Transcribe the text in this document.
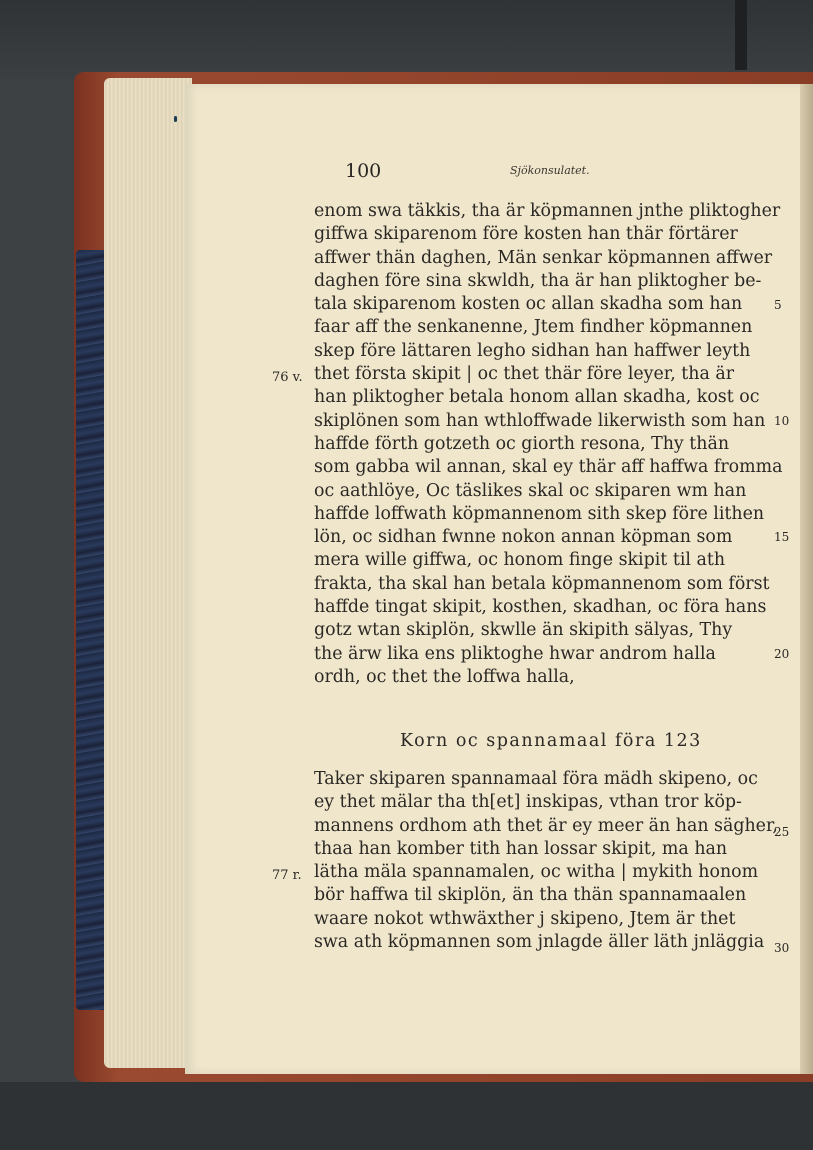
100	Sjökonsulatet.
enom swa täkkis, tha är köpmannen jnthe pliktogher
giffwa skiparenom före kosten han thär förtärer
affwer thän daghen, Män senkar köpmannen affwer
daghen före sina skwldh, tha är han pliktogher be-
tala skiparenom kosten oc allan skadha som han
faar aff the senkanenne, Jtem findher köpmannen
skep före lättaren legho sidhan han haffwer leyth
thet första skipit | oc thet thär före leyer, tha är
han pliktogher betala honom allan skadha, kost oc
skiplönen som han wthloffwade likerwisth som han
haffde förth gotzeth oc giorth resona, Thy thän
som gabba wil annan, skal ey thär aff haffwa fromma
oc aathlöye, Oc täslikes skal oc skiparen wm han
haffde loffwath köpmannenom sith skep före lithen
lön, oc sidhan fwnne nokon annan köpman som
mera wille giffwa, oc honom finge skipit til ath
frakta, tha skal han betala köpmannenom som först
haffde tingat skipit, kosthen, skadhan, oc föra hans
gotz wtan skiplön, skwlle än skipith sälyas, Thy
the ärw lika ens pliktoghe hwar androm halla
ordh, oc thet the loffwa halla,
Korn oc spannamaal föra 123
Taker skiparen spannamaal föra mädh skipeno, oc
ey thet mälar tha th[et] inskipas, vthan tror köp-
mannens ordhom ath thet är ey meer än han sägher,
thaa han komber tith han lossar skipit, ma han
lätha mäla spannamalen, oc witha | mykith honom
bör haffwa til skiplön, än tha thän spannamaalen
waare nokot wthwäxther j skipeno, Jtem är thet
swa ath köpmannen som jnlagde äller läth jnläggia
76 v.
77 r.
5
10
15
20
25
30
